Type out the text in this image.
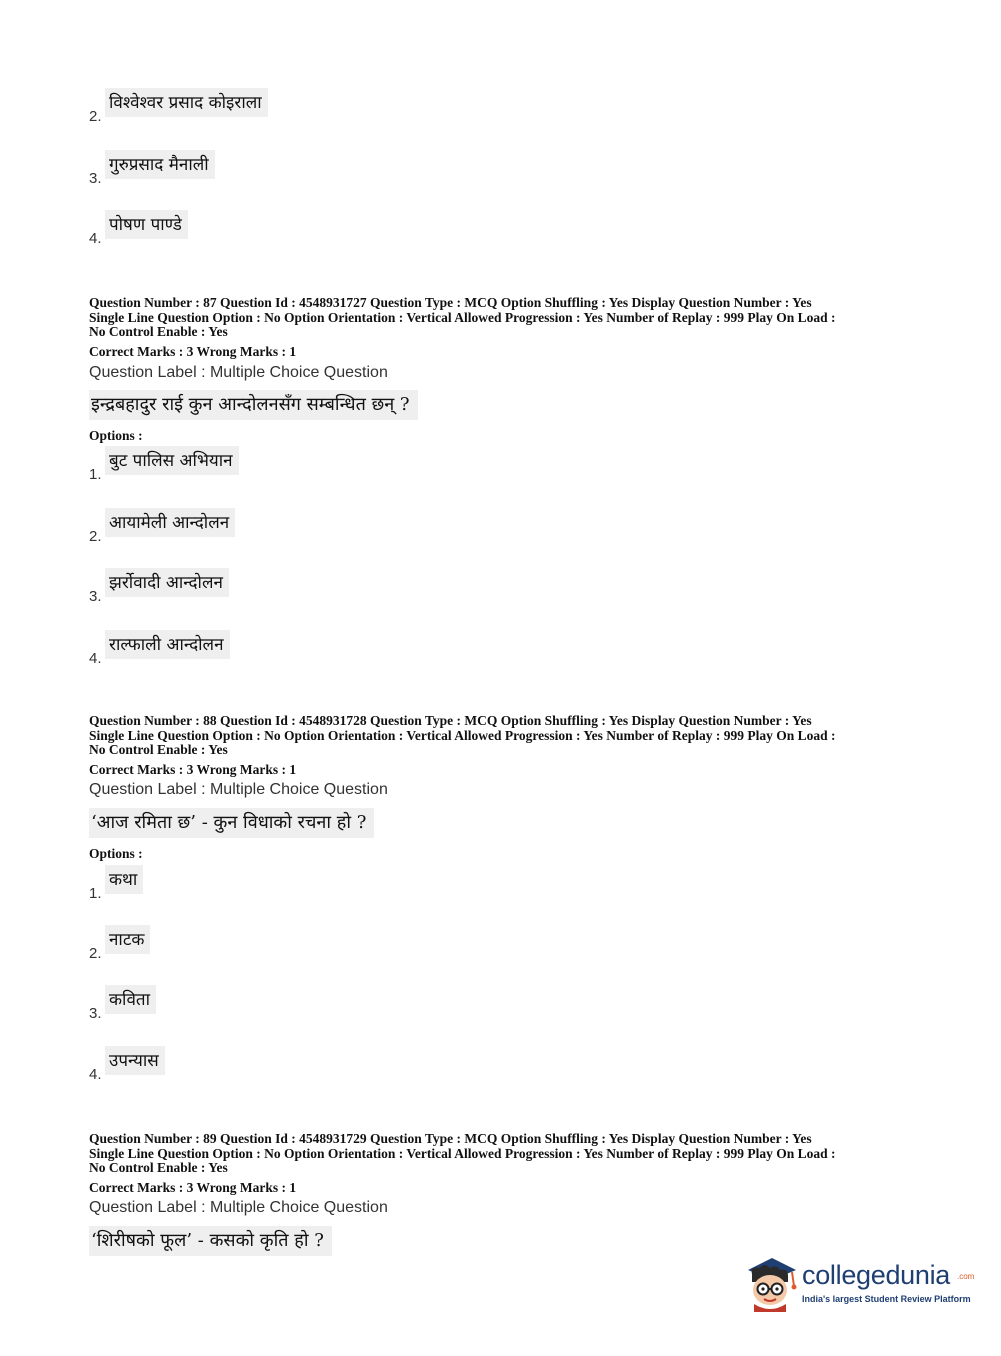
2.
विश्वेश्वर प्रसाद कोइराला
3.
गुरुप्रसाद मैनाली
4.
पोषण पाण्डे
Question Number : 87 Question Id : 4548931727 Question Type : MCQ Option Shuffling : Yes Display Question Number : Yes
Single Line Question Option : No Option Orientation : Vertical Allowed Progression : Yes Number of Replay : 999 Play On Load :
No Control Enable : Yes
Correct Marks : 3 Wrong Marks : 1
Question Label : Multiple Choice Question
इन्द्रबहादुर राई कुन आन्दोलनसँग सम्बन्धित छन् ?
Options :
1.
बुट पालिस अभियान
2.
आयामेली आन्दोलन
3.
झर्रोवादी आन्दोलन
4.
राल्फाली आन्दोलन
Question Number : 88 Question Id : 4548931728 Question Type : MCQ Option Shuffling : Yes Display Question Number : Yes
Single Line Question Option : No Option Orientation : Vertical Allowed Progression : Yes Number of Replay : 999 Play On Load :
No Control Enable : Yes
Correct Marks : 3 Wrong Marks : 1
Question Label : Multiple Choice Question
‘आज रमिता छ’ - कुन विधाको रचना हो ?
Options :
1.
कथा
2.
नाटक
3.
कविता
4.
उपन्यास
Question Number : 89 Question Id : 4548931729 Question Type : MCQ Option Shuffling : Yes Display Question Number : Yes
Single Line Question Option : No Option Orientation : Vertical Allowed Progression : Yes Number of Replay : 999 Play On Load :
No Control Enable : Yes
Correct Marks : 3 Wrong Marks : 1
Question Label : Multiple Choice Question
‘शिरीषको फूल’ - कसको कृति हो ?
collegedunia .com
India's largest Student Review Platform
